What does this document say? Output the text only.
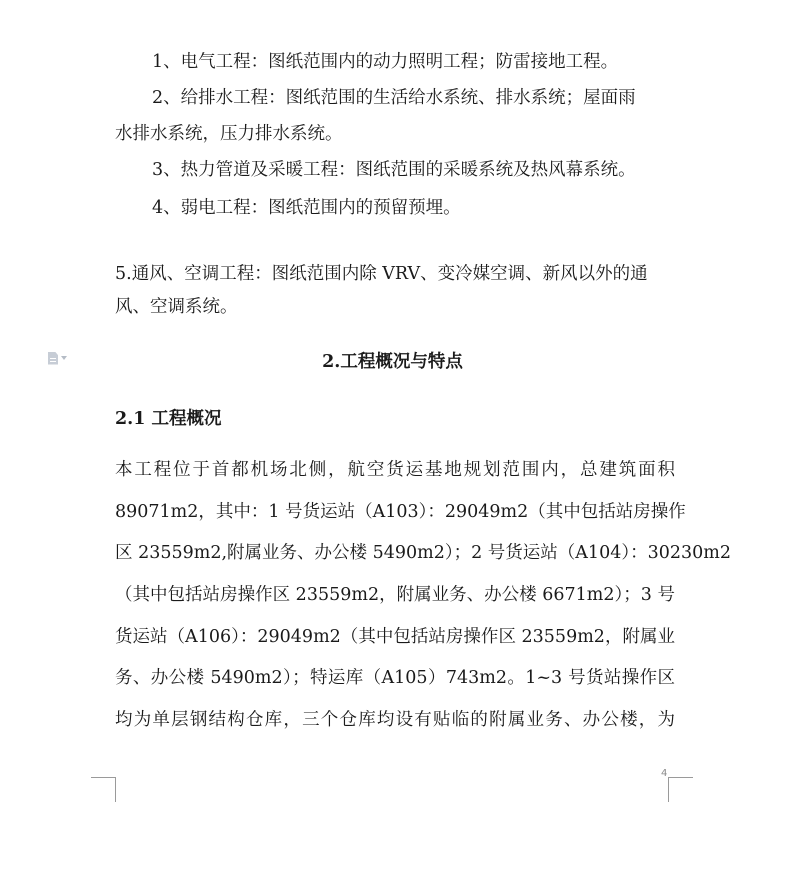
1、电气工程：图纸范围内的动力照明工程；防雷接地工程。
2、给排水工程：图纸范围的生活给水系统、排水系统；屋面雨
水排水系统，压力排水系统。
3、热力管道及采暖工程：图纸范围的采暖系统及热风幕系统。
4、弱电工程：图纸范围内的预留预埋。
5.通风、空调工程：图纸范围内除 VRV、变冷媒空调、新风以外的通
风、空调系统。
2.工程概况与特点
2.1 工程概况
本工程位于首都机场北侧，航空货运基地规划范围内，总建筑面积
89071m2，其中：1 号货运站（A103）：29049m2（其中包括站房操作
区 23559m2,附属业务、办公楼 5490m2）；2 号货运站（A104）：30230m2
（其中包括站房操作区 23559m2，附属业务、办公楼 6671m2）；3 号
货运站（A106）：29049m2（其中包括站房操作区 23559m2，附属业
务、办公楼 5490m2）；特运库（A105）743m2。1~3 号货站操作区
均为单层钢结构仓库，三个仓库均设有贴临的附属业务、办公楼，为
4
